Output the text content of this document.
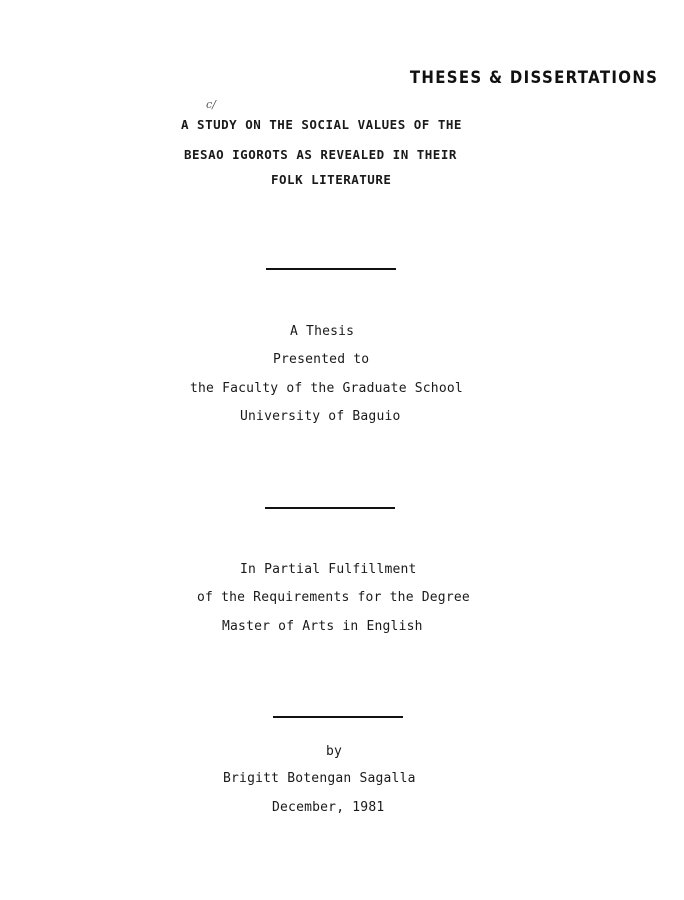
THESES & DISSERTATIONS
c/
A STUDY ON THE SOCIAL VALUES OF THE
BESAO IGOROTS AS REVEALED IN THEIR
FOLK LITERATURE
A Thesis
Presented to
the Faculty of the Graduate School
University of Baguio
In Partial Fulfillment
of the Requirements for the Degree
Master of Arts in English
by
Brigitt Botengan Sagalla
December, 1981
